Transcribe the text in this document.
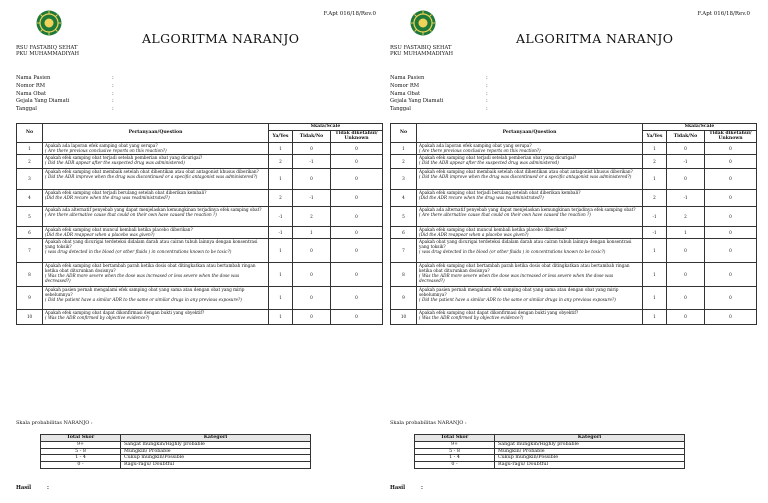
F.Apt 016/18/Rev.0
ALGORITMA NARANJO
RSU FASTABIQ SEHAT
PKU MUHAMMADIYAH
Nama Pasien	:
Nomor RM	:
Nama Obat	:
Gejala Yang Diamati	:
Tanggal	:
No	Pertanyaan/Question	Skala/Scale		
		Ya/Yes	Tidak/No	Tidak diketahui/ Unknown
1	Apakah ada laporan efek samping obat yang serupa?
( Are there previous conclusive reports on this reaction?)	1	0	0
2	Apakah efek samping obat terjadi setelah pemberian obat yang dicurigai?
( Did the ADR appear after the suspected drug was administered)	2	-1	0
3	Apakah efek samping obat membaik setelah obat dihentikan atau obat antagonist khusus diberikan?
( Did the ADR improve when the drug was discontinued or a specific antagonist was administered?)	1	0	0
4	Apakah efek samping obat terjadi berulang setelah obat diberikan kembali?
(Did the ADR recure when the drug was readministrated?)	2	-1	0
5	Apakah ada alternatif penyebab yang dapat menjelaskan kemungkinan terjadinya efek samping obat?
( Are there alternative cause that could on their own have caused the reaction ?)	-1	2	0
6	Apakah efek samping obat muncul kembali ketika placebo diberikan?
(Did the ADR reappear when a placebo was given?)	-1	1	0
7	Apakah obat yang dicurigai terdeteksi didalam darah atau cairan tubuh lainnya dengan konsentrasi yang toksik?
( was drug detected in the blood (or other fluids ) in concentrations known to be toxic?)	1	0	0
8	Apakah efek samping obat bertambah parah ketika dosis obat ditingkatkan atau bertambah ringan ketika obat diturunkan dosisnya?
( Was the ADR more severe when the dose was increased or less severe when the dose was decreased?)	1	0	0
9	Apakah pasien pernah mengalami efek samping obat yang sama atau dengan obat yang mirip sebelumnya?
( Did the patient have a similar ADR to the same or similar drugs in any previous exposure?)	1	0	0
10	Apakah efek samping obat dapat dikonfirmasi dengan bukti yang obyektif?
( Was the ADR confirmed by objective evidence?)	1	0	0
Skala probabilitas NARANJO :
Total Skor	Kategori
9+	Sangat mungkin/Highly probable
5 - 8	Mungkin/ Probable
1 - 4	Cukup mungkin/Possible
0 -	Ragu-ragu/ Doubtful
Hasil	:
F.Apt 016/18/Rev.0
ALGORITMA NARANJO
RSU FASTABIQ SEHAT
PKU MUHAMMADIYAH
Nama Pasien	:
Nomor RM	:
Nama Obat	:
Gejala Yang Diamati	:
Tanggal	:
No	Pertanyaan/Question	Skala/Scale		
		Ya/Yes	Tidak/No	Tidak diketahui/ Unknown
1	Apakah ada laporan efek samping obat yang serupa?
( Are there previous conclusive reports on this reaction?)	1	0	0
2	Apakah efek samping obat terjadi setelah pemberian obat yang dicurigai?
( Did the ADR appear after the suspected drug was administered)	2	-1	0
3	Apakah efek samping obat membaik setelah obat dihentikan atau obat antagonist khusus diberikan?
( Did the ADR improve when the drug was discontinued or a specific antagonist was administered?)	1	0	0
4	Apakah efek samping obat terjadi berulang setelah obat diberikan kembali?
(Did the ADR recure when the drug was readministrated?)	2	-1	0
5	Apakah ada alternatif penyebab yang dapat menjelaskan kemungkinan terjadinya efek samping obat?
( Are there alternative cause that could on their own have caused the reaction ?)	-1	2	0
6	Apakah efek samping obat muncul kembali ketika placebo diberikan?
(Did the ADR reappear when a placebo was given?)	-1	1	0
7	Apakah obat yang dicurigai terdeteksi didalam darah atau cairan tubuh lainnya dengan konsentrasi yang toksik?
( was drug detected in the blood (or other fluids ) in concentrations known to be toxic?)	1	0	0
8	Apakah efek samping obat bertambah parah ketika dosis obat ditingkatkan atau bertambah ringan ketika obat diturunkan dosisnya?
( Was the ADR more severe when the dose was increased or less severe when the dose was decreased?)	1	0	0
9	Apakah pasien pernah mengalami efek samping obat yang sama atau dengan obat yang mirip sebelumnya?
( Did the patient have a similar ADR to the same or similar drugs in any previous exposure?)	1	0	0
10	Apakah efek samping obat dapat dikonfirmasi dengan bukti yang obyektif?
( Was the ADR confirmed by objective evidence?)	1	0	0
Skala probabilitas NARANJO :
Total Skor	Kategori
9+	Sangat mungkin/Highly probable
5 - 8	Mungkin/ Probable
1 - 4	Cukup mungkin/Possible
0 -	Ragu-ragu/ Doubtful
Hasil	:
